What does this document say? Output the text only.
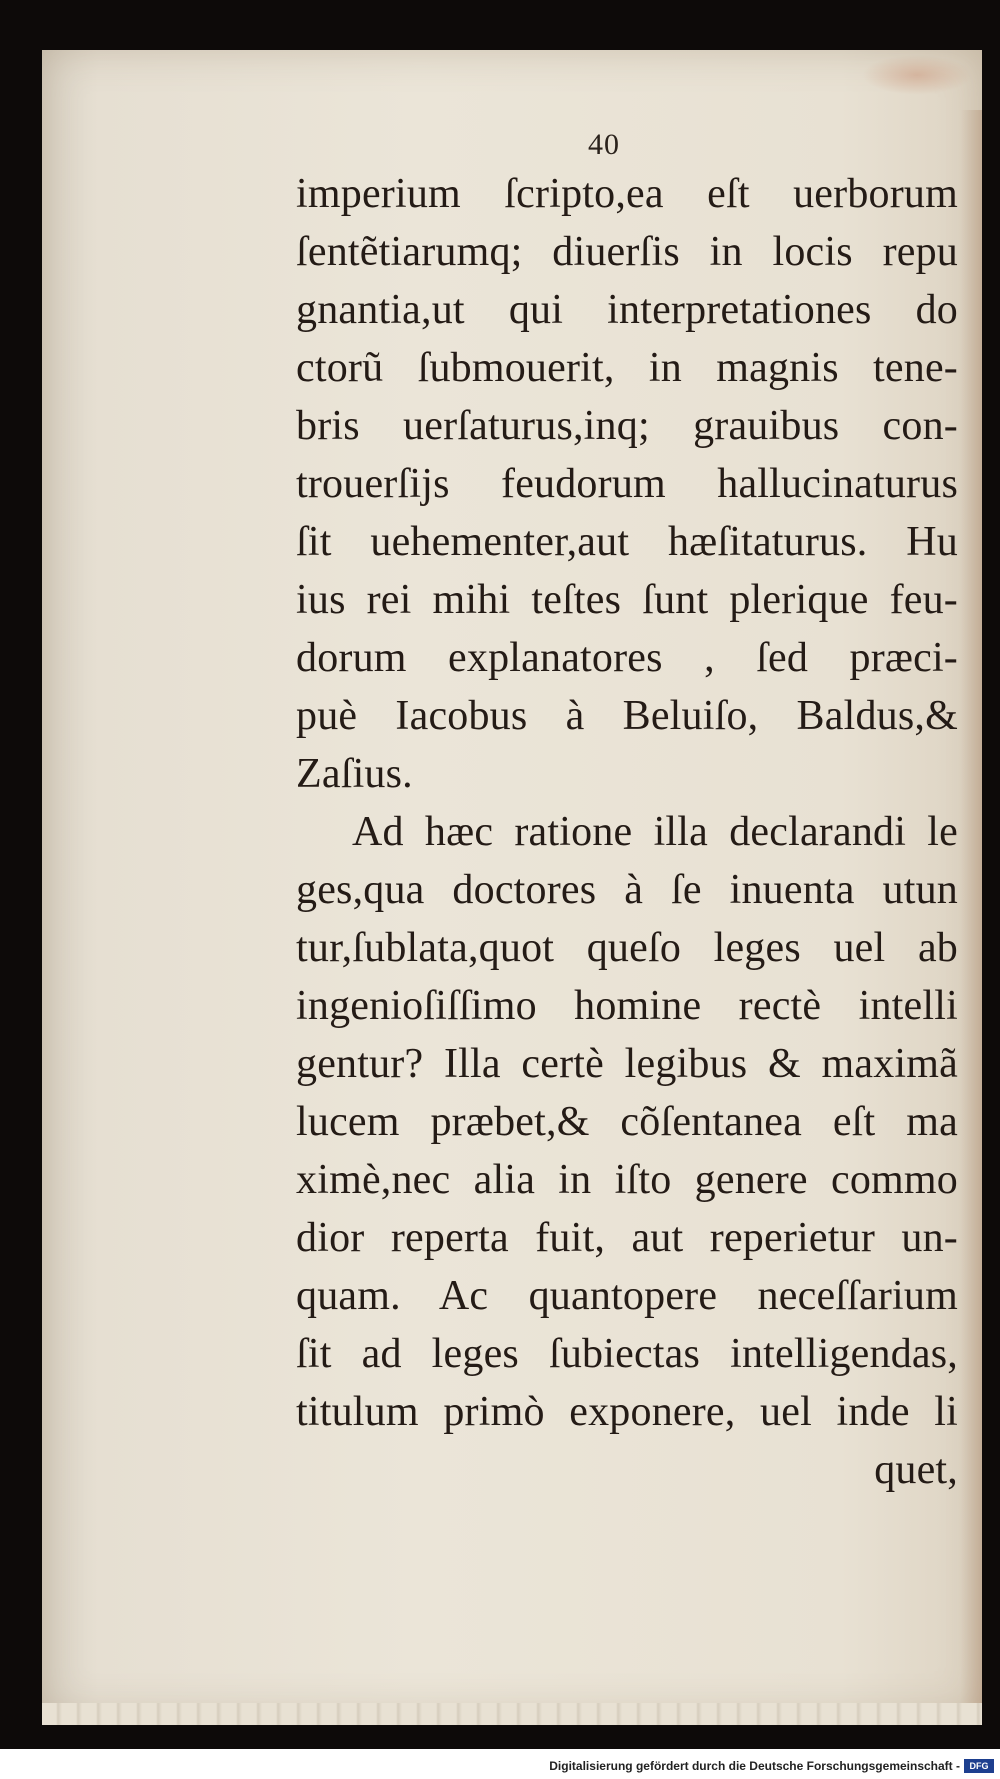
40
imperium ſcripto,ea eſt uerborum
ſentẽtiarumq; diuerſis in locis repu
gnantia,ut qui interpretationes do
ctorũ ſubmouerit, in magnis tene-
bris uerſaturus,inq; grauibus con-
trouerſijs feudorum hallucinaturus
ſit uehementer,aut hæſitaturus. Hu
ius rei mihi teſtes ſunt plerique feu-
dorum explanatores , ſed præci-
puè Iacobus à Beluiſo, Baldus,&
Zaſius.
Ad hæc ratione illa declarandi le
ges,qua doctores à ſe inuenta utun
tur,ſublata,quot queſo leges uel ab
ingenioſiſſimo homine rectè intelli
gentur? Illa certè legibus & maximã
lucem præbet,& cõſentanea eſt ma
ximè,nec alia in iſto genere commo
dior reperta fuit, aut reperietur un-
quam. Ac quantopere neceſſarium
ſit ad leges ſubiectas intelligendas,
titulum primò exponere, uel inde li
quet,
Digitalisierung gefördert durch die Deutsche Forschungsgemeinschaft -	DFG
